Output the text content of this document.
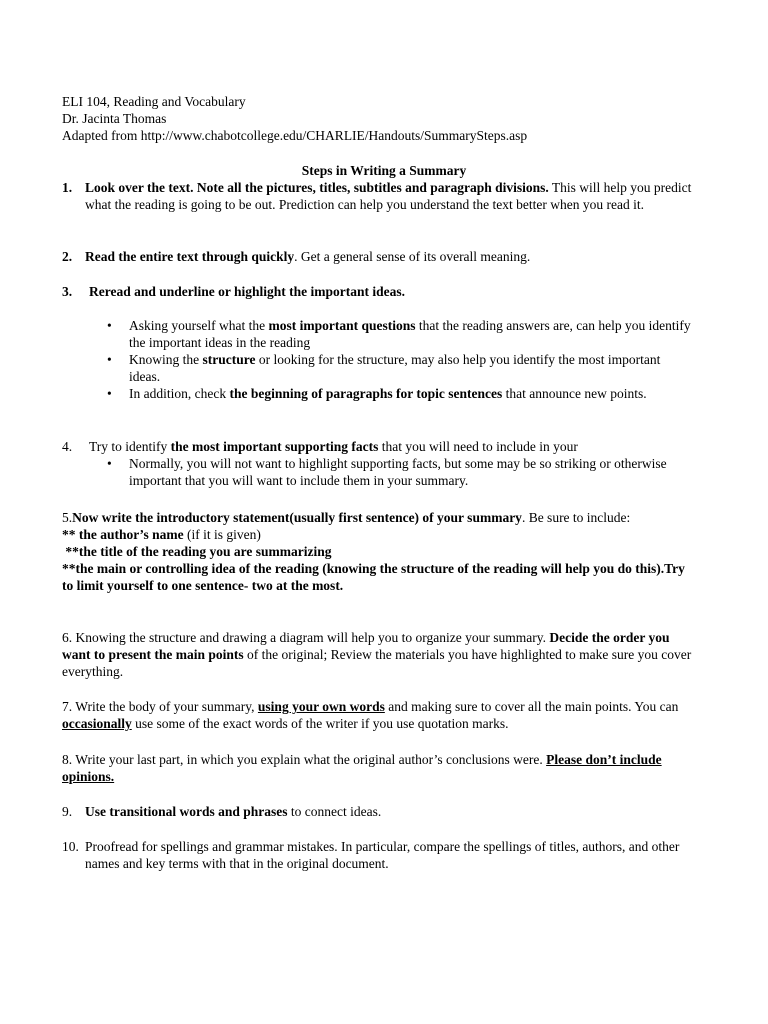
ELI 104, Reading and Vocabulary
Dr. Jacinta Thomas
Adapted from http://www.chabotcollege.edu/CHARLIE/Handouts/SummarySteps.asp
Steps in Writing a Summary
1. Look over the text. Note all the pictures, titles, subtitles and paragraph divisions. This will help you predict what the reading is going to be out. Prediction can help you understand the text better when you read it.
2. Read the entire text through quickly. Get a general sense of its overall meaning.
3. Reread and underline or highlight the important ideas.
• Asking yourself what the most important questions that the reading answers are, can help you identify the important ideas in the reading
• Knowing the structure or looking for the structure, may also help you identify the most important ideas.
• In addition, check the beginning of paragraphs for topic sentences that announce new points.
4. Try to identify the most important supporting facts that you will need to include in your
• Normally, you will not want to highlight supporting facts, but some may be so striking or otherwise important that you will want to include them in your summary.
5.Now write the introductory statement(usually first sentence) of your summary. Be sure to include:
** the author’s name (if it is given)
**the title of the reading you are summarizing
**the main or controlling idea of the reading (knowing the structure of the reading will help you do this).Try to limit yourself to one sentence- two at the most.
6. Knowing the structure and drawing a diagram will help you to organize your summary. Decide the order you want to present the main points of the original; Review the materials you have highlighted to make sure you cover everything.
7. Write the body of your summary, using your own words and making sure to cover all the main points. You can occasionally use some of the exact words of the writer if you use quotation marks.
8. Write your last part, in which you explain what the original author’s conclusions were. Please don’t include opinions.
9. Use transitional words and phrases to connect ideas.
10. Proofread for spellings and grammar mistakes. In particular, compare the spellings of titles, authors, and other names and key terms with that in the original document.
